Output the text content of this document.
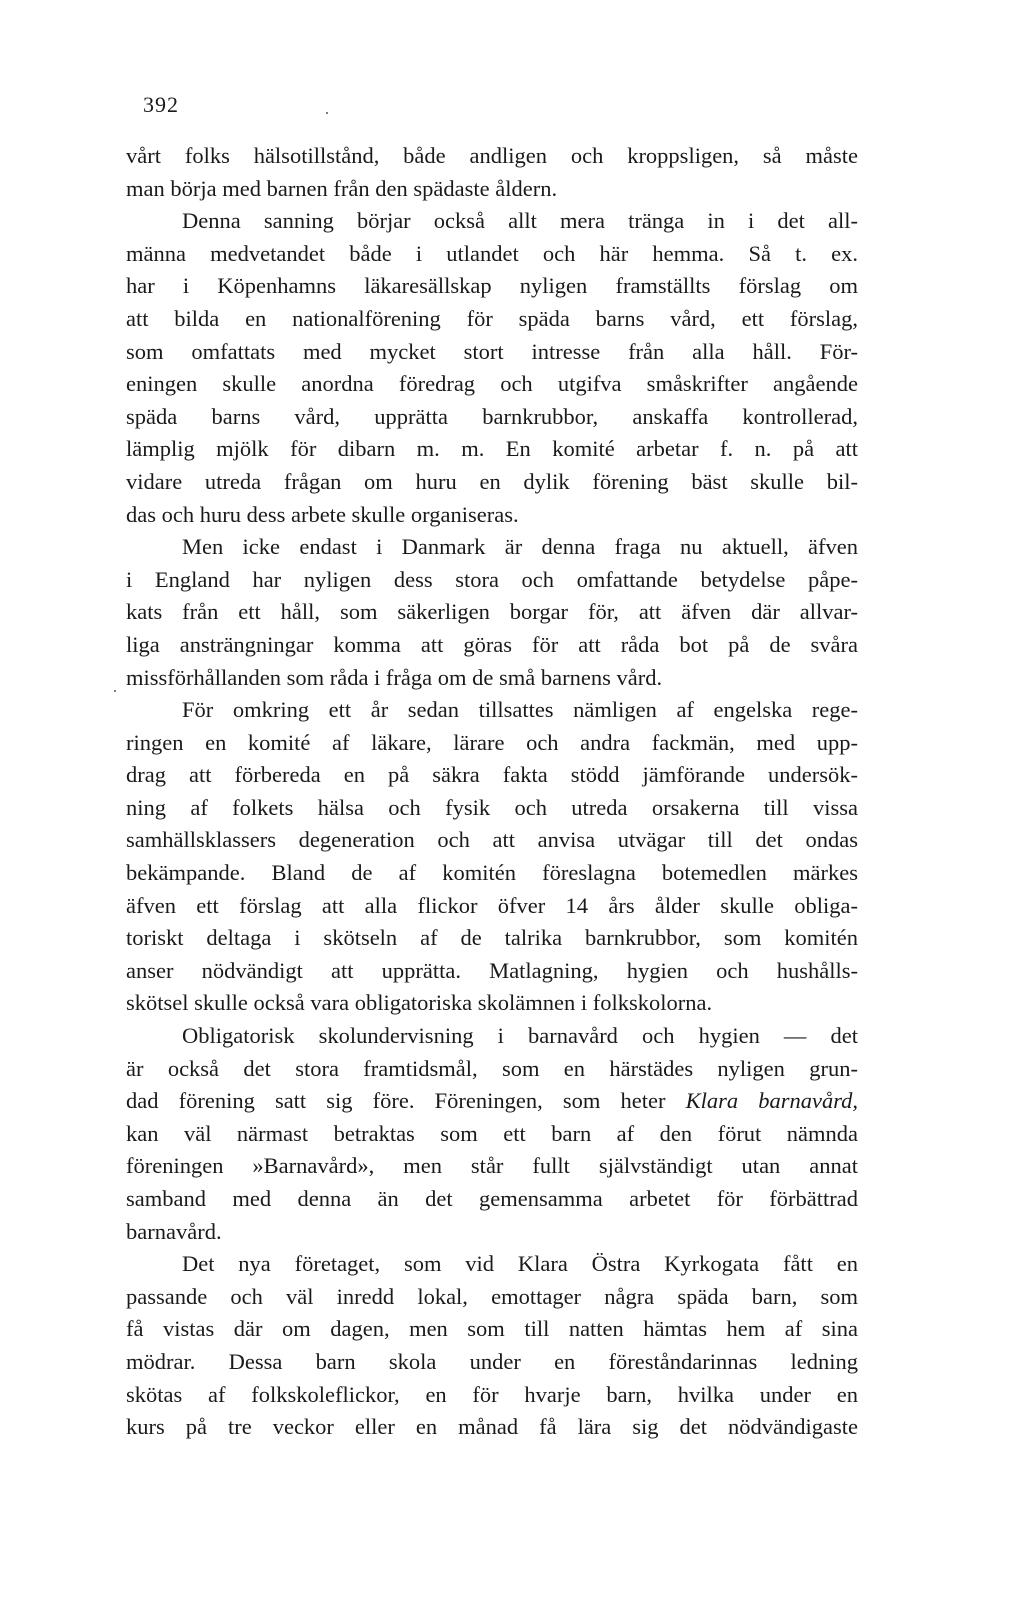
392
vårt folks hälsotillstånd, både andligen och kroppsligen, så måste
man börja med barnen från den spädaste åldern.
Denna sanning börjar också allt mera tränga in i det all-
männa medvetandet både i utlandet och här hemma. Så t. ex.
har i Köpenhamns läkaresällskap nyligen framställts förslag om
att bilda en nationalförening för späda barns vård, ett förslag,
som omfattats med mycket stort intresse från alla håll. För-
eningen skulle anordna föredrag och utgifva småskrifter angående
späda barns vård, upprätta barnkrubbor, anskaffa kontrollerad,
lämplig mjölk för dibarn m. m. En komité arbetar f. n. på att
vidare utreda frågan om huru en dylik förening bäst skulle bil-
das och huru dess arbete skulle organiseras.
Men icke endast i Danmark är denna fraga nu aktuell, äfven
i England har nyligen dess stora och omfattande betydelse påpe-
kats från ett håll, som säkerligen borgar för, att äfven där allvar-
liga ansträngningar komma att göras för att råda bot på de svåra
missförhållanden som råda i fråga om de små barnens vård.
För omkring ett år sedan tillsattes nämligen af engelska rege-
ringen en komité af läkare, lärare och andra fackmän, med upp-
drag att förbereda en på säkra fakta stödd jämförande undersök-
ning af folkets hälsa och fysik och utreda orsakerna till vissa
samhällsklassers degeneration och att anvisa utvägar till det ondas
bekämpande. Bland de af komitén föreslagna botemedlen märkes
äfven ett förslag att alla flickor öfver 14 års ålder skulle obliga-
toriskt deltaga i skötseln af de talrika barnkrubbor, som komitén
anser nödvändigt att upprätta. Matlagning, hygien och hushålls-
skötsel skulle också vara obligatoriska skolämnen i folkskolorna.
Obligatorisk skolundervisning i barnavård och hygien — det
är också det stora framtidsmål, som en härstädes nyligen grun-
dad förening satt sig före. Föreningen, som heter Klara barnavård,
kan väl närmast betraktas som ett barn af den förut nämnda
föreningen »Barnavård», men står fullt självständigt utan annat
samband med denna än det gemensamma arbetet för förbättrad
barnavård.
Det nya företaget, som vid Klara Östra Kyrkogata fått en
passande och väl inredd lokal, emottager några späda barn, som
få vistas där om dagen, men som till natten hämtas hem af sina
mödrar. Dessa barn skola under en föreståndarinnas ledning
skötas af folkskoleflickor, en för hvarje barn, hvilka under en
kurs på tre veckor eller en månad få lära sig det nödvändigaste
